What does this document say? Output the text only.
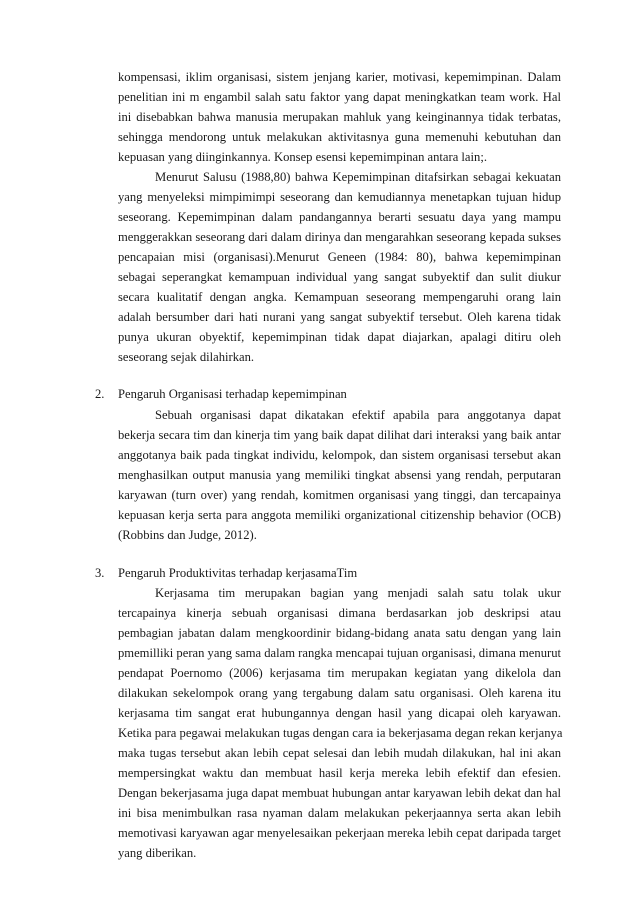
kompensasi, iklim organisasi, sistem jenjang karier, motivasi, kepemimpinan. Dalam
penelitian ini m engambil salah satu faktor yang dapat meningkatkan team work. Hal
ini disebabkan bahwa manusia merupakan mahluk yang keinginannya tidak terbatas,
sehingga mendorong untuk melakukan aktivitasnya guna memenuhi kebutuhan dan
kepuasan yang diinginkannya. Konsep esensi kepemimpinan antara lain;.
Menurut Salusu (1988,80) bahwa Kepemimpinan ditafsirkan sebagai kekuatan
yang menyeleksi mimpimimpi seseorang dan kemudiannya menetapkan tujuan hidup
seseorang. Kepemimpinan dalam pandangannya berarti sesuatu daya yang mampu
menggerakkan seseorang dari dalam dirinya dan mengarahkan seseorang kepada sukses
pencapaian misi (organisasi).Menurut Geneen (1984: 80), bahwa kepemimpinan
sebagai seperangkat kemampuan individual yang sangat subyektif dan sulit diukur
secara kualitatif dengan angka. Kemampuan seseorang mempengaruhi orang lain
adalah bersumber dari hati nurani yang sangat subyektif tersebut. Oleh karena tidak
punya ukuran obyektif, kepemimpinan tidak dapat diajarkan, apalagi ditiru oleh
seseorang sejak dilahirkan.
2. Pengaruh Organisasi terhadap kepemimpinan
Sebuah organisasi dapat dikatakan efektif apabila para anggotanya dapat
bekerja secara tim dan kinerja tim yang baik dapat dilihat dari interaksi yang baik antar
anggotanya baik pada tingkat individu, kelompok, dan sistem organisasi tersebut akan
menghasilkan output manusia yang memiliki tingkat absensi yang rendah, perputaran
karyawan (turn over) yang rendah, komitmen organisasi yang tinggi, dan tercapainya
kepuasan kerja serta para anggota memiliki organizational citizenship behavior (OCB)
(Robbins dan Judge, 2012).
3. Pengaruh Produktivitas terhadap kerjasamaTim
Kerjasama tim merupakan bagian yang menjadi salah satu tolak ukur
tercapainya kinerja sebuah organisasi dimana berdasarkan job deskripsi atau
pembagian jabatan dalam mengkoordinir bidang-bidang anata satu dengan yang lain
pmemilliki peran yang sama dalam rangka mencapai tujuan organisasi, dimana menurut
pendapat Poernomo (2006) kerjasama tim merupakan kegiatan yang dikelola dan
dilakukan sekelompok orang yang tergabung dalam satu organisasi. Oleh karena itu
kerjasama tim sangat erat hubungannya dengan hasil yang dicapai oleh karyawan.
Ketika para pegawai melakukan tugas dengan cara ia bekerjasama degan rekan kerjanya
maka tugas tersebut akan lebih cepat selesai dan lebih mudah dilakukan, hal ini akan
mempersingkat waktu dan membuat hasil kerja mereka lebih efektif dan efesien.
Dengan bekerjasama juga dapat membuat hubungan antar karyawan lebih dekat dan hal
ini bisa menimbulkan rasa nyaman dalam melakukan pekerjaannya serta akan lebih
memotivasi karyawan agar menyelesaikan pekerjaan mereka lebih cepat daripada target
yang diberikan.
